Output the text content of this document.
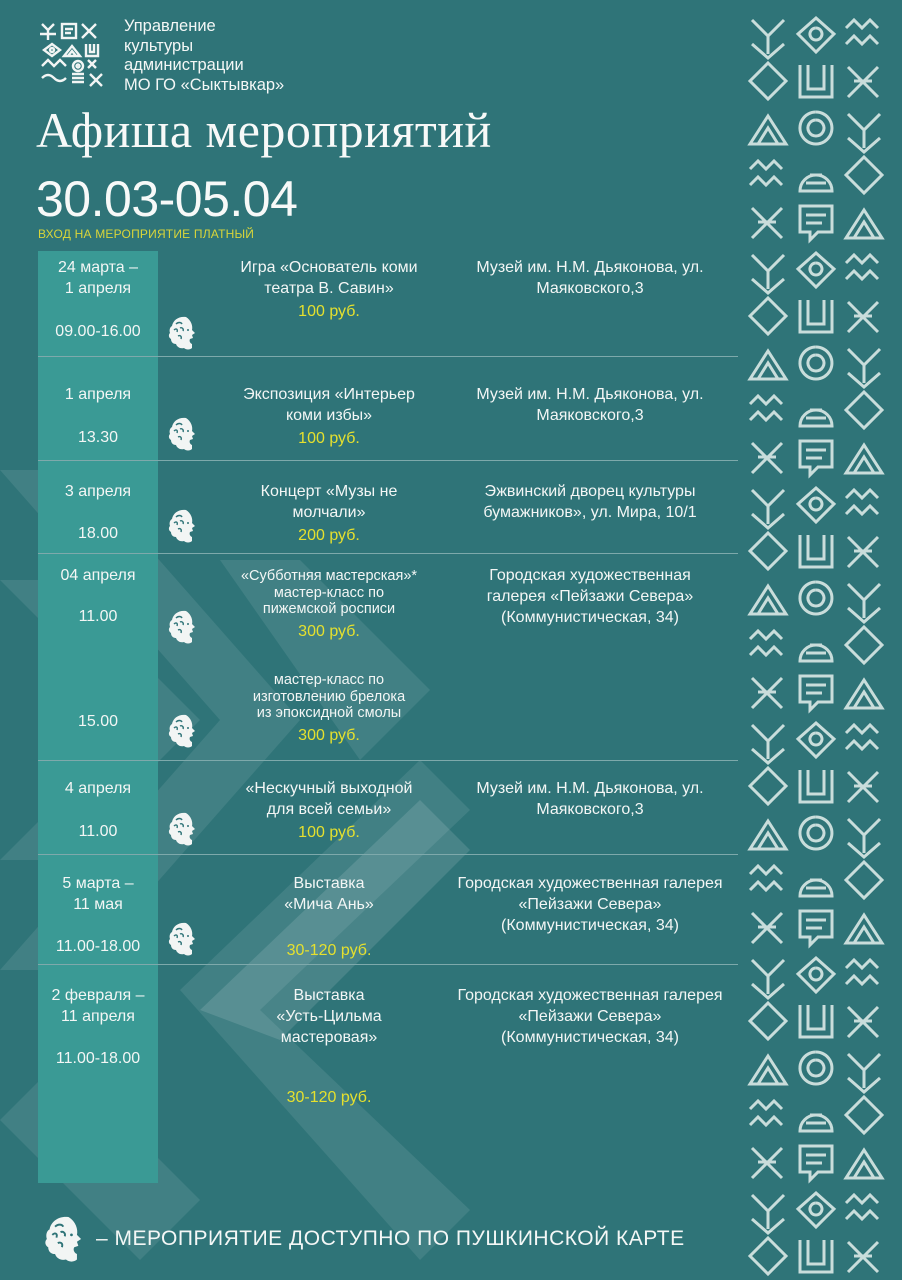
Управление
культуры
администрации
МО ГО «Сыктывкар»
Афиша мероприятий
30.03-05.04
ВХОД НА МЕРОПРИЯТИЕ ПЛАТНЫЙ
24 марта –
1 апреля
09.00-16.00
Игра «Основатель коми
театра В. Савин»
100 руб.
Музей им. Н.М. Дьяконова, ул.
Маяковского,3
1 апреля
13.30
Экспозиция «Интерьер
коми избы»
100 руб.
Музей им. Н.М. Дьяконова, ул.
Маяковского,3
3 апреля
18.00
Концерт «Музы не
молчали»
200 руб.
Эжвинский дворец культуры
бумажников», ул. Мира, 10/1
04 апреля
11.00
«Субботняя мастерская»*
мастер-класс по
пижемской росписи
300 руб.
Городская художественная
галерея «Пейзажи Севера»
(Коммунистическая, 34)
15.00
мастер-класс по
изготовлению брелока
из эпоксидной смолы
300 руб.
4 апреля
11.00
«Нескучный выходной
для всей семьи»
100 руб.
Музей им. Н.М. Дьяконова, ул.
Маяковского,3
5 марта –
11 мая
11.00-18.00
Выставка
«Мича Ань»
30-120 руб.
Городская художественная галерея
«Пейзажи Севера»
(Коммунистическая, 34)
2 февраля –
11 апреля
11.00-18.00
Выставка
«Усть-Цильма
мастеровая»
30-120 руб.
Городская художественная галерея
«Пейзажи Севера»
(Коммунистическая, 34)
– МЕРОПРИЯТИЕ ДОСТУПНО ПО ПУШКИНСКОЙ КАРТЕ
